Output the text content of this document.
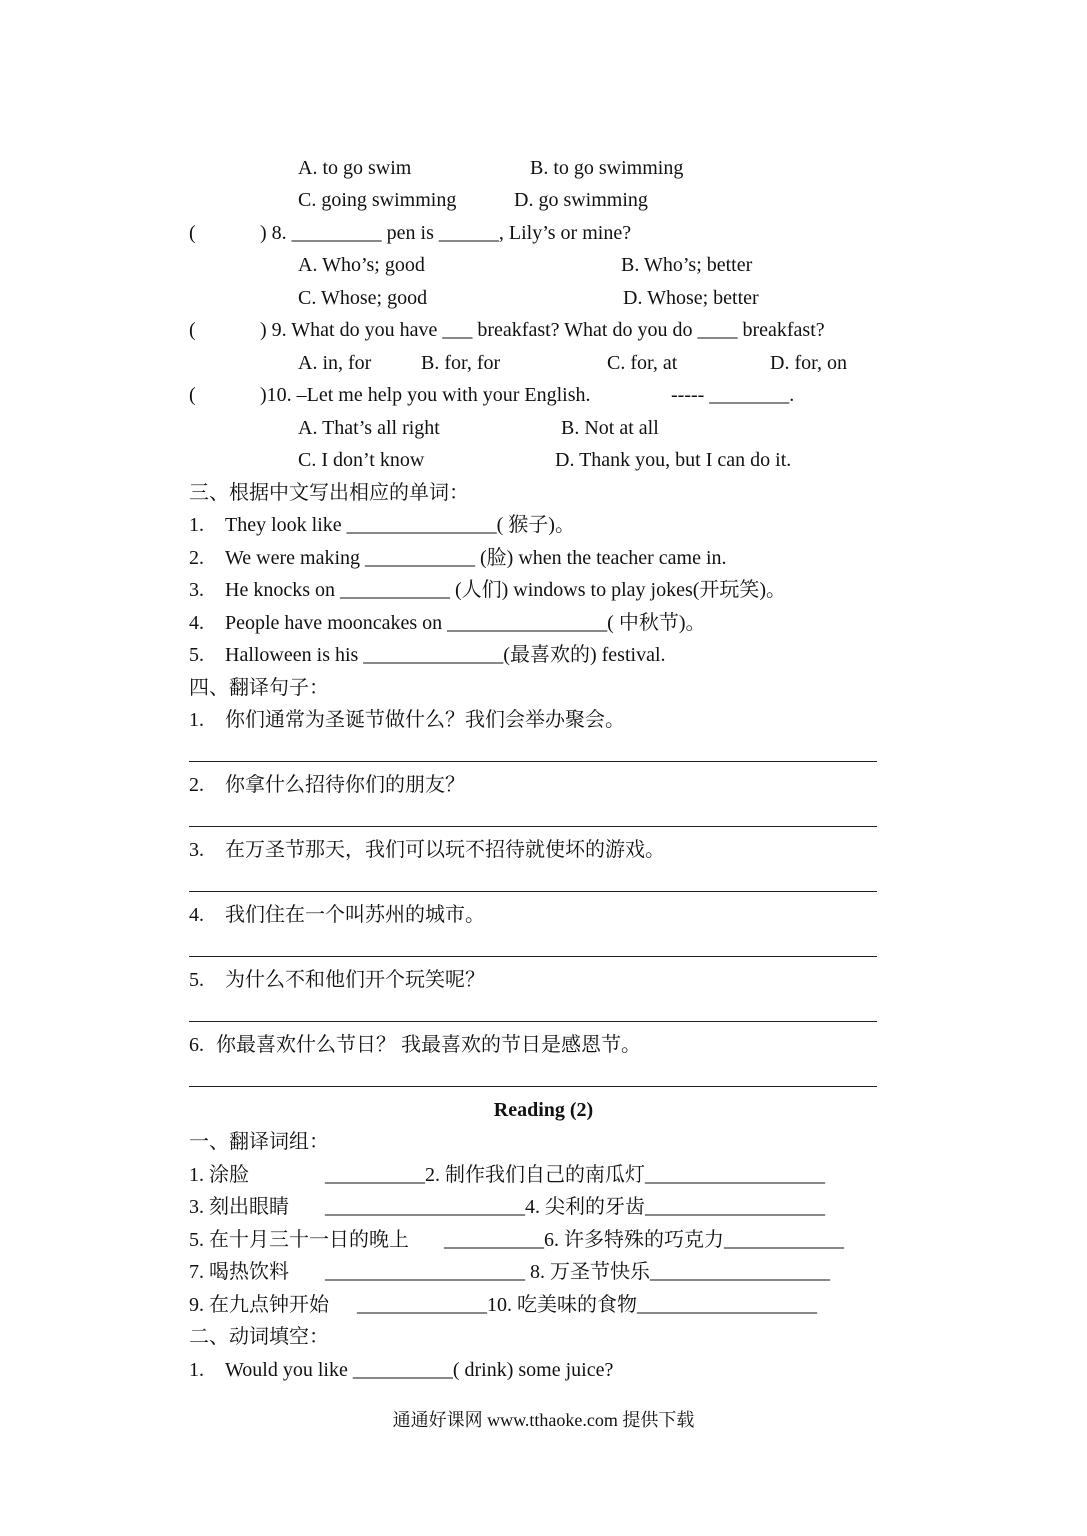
A. to go swim	B. to go swimming
C. going swimming	D. go swimming
(	) 8. _________ pen is ______, Lily’s or mine?
A. Who’s; good	B. Who’s; better
C. Whose; good	D. Whose; better
(	) 9. What do you have ___ breakfast? What do you do ____ breakfast?
A. in, for B. for, for	C. for, at	D. for, on
(	)10. –Let me help you with your English.	----- ________.
A. That’s all right	B. Not at all
C. I don’t know	D. Thank you, but I can do it.
三、根据中文写出相应的单词：
1. They look like _______________( 猴子)。
2. We were making ___________ (脸) when the teacher came in.
3. He knocks on ___________ (人们) windows to play jokes(开玩笑)。
4. People have mooncakes on ________________( 中秋节)。
5. Halloween is his ______________(最喜欢的) festival.
四、翻译句子：
1. 你们通常为圣诞节做什么？我们会举办聚会。
2. 你拿什么招待你们的朋友？
3. 在万圣节那天，我们可以玩不招待就使坏的游戏。
4. 我们住在一个叫苏州的城市。
5. 为什么不和他们开个玩笑呢？
6. 你最喜欢什么节日？ 我最喜欢的节日是感恩节。
Reading (2)
一、翻译词组：
1. 涂脸	__________2. 制作我们自己的南瓜灯__________________
3. 刻出眼睛 ____________________4. 尖利的牙齿__________________
5. 在十月三十一日的晚上 __________6. 许多特殊的巧克力____________
7. 喝热饮料 ____________________ 8. 万圣节快乐__________________
9. 在九点钟开始 _____________10. 吃美味的食物__________________
二、动词填空：
1. Would you like __________( drink) some juice?
通通好课网 www.tthaoke.com 提供下载
